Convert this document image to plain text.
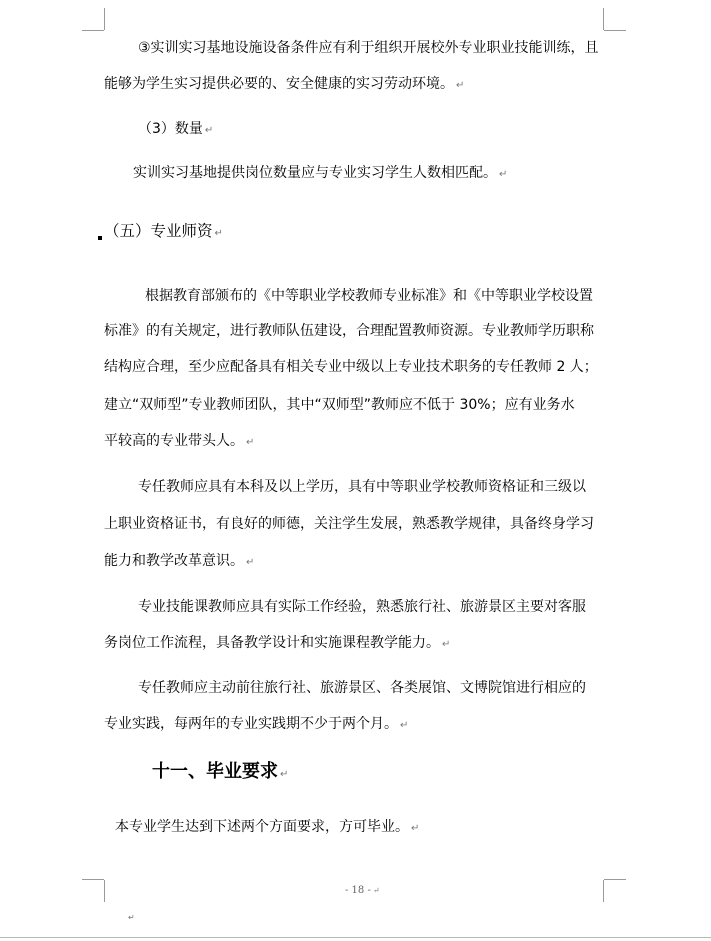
③实训实习基地设施设备条件应有利于组织开展校外专业职业技能训练，且
能够为学生实习提供必要的、安全健康的实习劳动环境。 ↵
（3）数量 ↵
实训实习基地提供岗位数量应与专业实习学生人数相匹配。 ↵
（五）专业师资 ↵
根据教育部颁布的《中等职业学校教师专业标准》和《中等职业学校设置
标准》的有关规定，进行教师队伍建设，合理配置教师资源。专业教师学历职称
结构应合理，至少应配备具有相关专业中级以上专业技术职务的专任教师 2 人；
建立“双师型”专业教师团队，其中“双师型”教师应不低于 30%；应有业务水
平较高的专业带头人。 ↵
专任教师应具有本科及以上学历，具有中等职业学校教师资格证和三级以
上职业资格证书，有良好的师德，关注学生发展，熟悉教学规律，具备终身学习
能力和教学改革意识。 ↵
专业技能课教师应具有实际工作经验，熟悉旅行社、旅游景区主要对客服
务岗位工作流程，具备教学设计和实施课程教学能力。 ↵
专任教师应主动前往旅行社、旅游景区、各类展馆、文博院馆进行相应的
专业实践，每两年的专业实践期不少于两个月。 ↵
十一、毕业要求 ↵
本专业学生达到下述两个方面要求，方可毕业。 ↵
- 18 - ↵
↵
